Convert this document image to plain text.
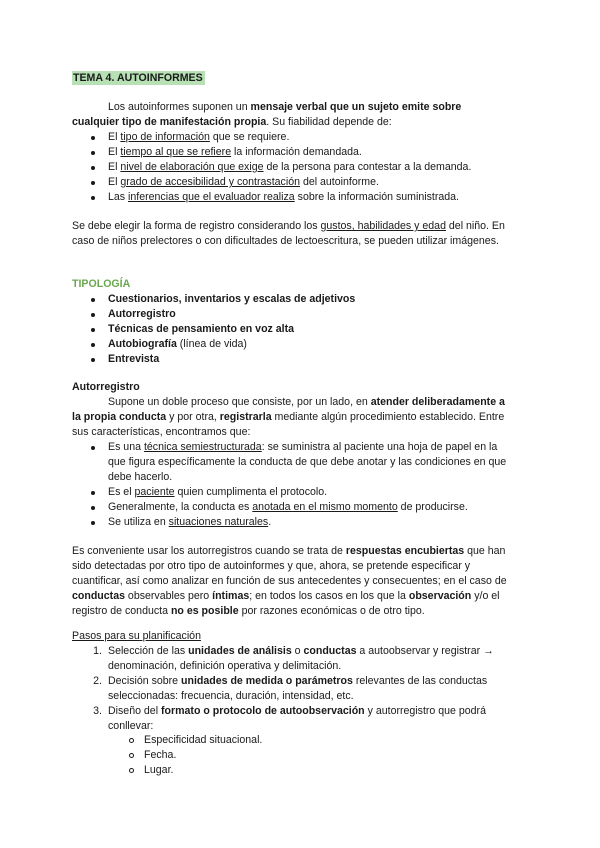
TEMA 4. AUTOINFORMES
Los autoinformes suponen un mensaje verbal que un sujeto emite sobre
cualquier tipo de manifestación propia. Su fiabilidad depende de:
El tipo de información que se requiere.
El tiempo al que se refiere la información demandada.
El nivel de elaboración que exige de la persona para contestar a la demanda.
El grado de accesibilidad y contrastación del autoinforme.
Las inferencias que el evaluador realiza sobre la información suministrada.
Se debe elegir la forma de registro considerando los gustos, habilidades y edad del niño. En
caso de niños prelectores o con dificultades de lectoescritura, se pueden utilizar imágenes.
TIPOLOGÍA
Cuestionarios, inventarios y escalas de adjetivos
Autorregistro
Técnicas de pensamiento en voz alta
Autobiografía (línea de vida)
Entrevista
Autorregistro
Supone un doble proceso que consiste, por un lado, en atender deliberadamente a
la propia conducta y por otra, registrarla mediante algún procedimiento establecido. Entre
sus características, encontramos que:
Es una técnica semiestructurada: se suministra al paciente una hoja de papel en la
que figura específicamente la conducta de que debe anotar y las condiciones en que
debe hacerlo.
Es el paciente quien cumplimenta el protocolo.
Generalmente, la conducta es anotada en el mismo momento de producirse.
Se utiliza en situaciones naturales.
Es conveniente usar los autorregistros cuando se trata de respuestas encubiertas que han
sido detectadas por otro tipo de autoinformes y que, ahora, se pretende especificar y
cuantificar, así como analizar en función de sus antecedentes y consecuentes; en el caso de
conductas observables pero íntimas; en todos los casos en los que la observación y/o el
registro de conducta no es posible por razones económicas o de otro tipo.
Pasos para su planificación
1. Selección de las unidades de análisis o conductas a autoobservar y registrar →
denominación, definición operativa y delimitación.
2. Decisión sobre unidades de medida o parámetros relevantes de las conductas
seleccionadas: frecuencia, duración, intensidad, etc.
3. Diseño del formato o protocolo de autoobservación y autorregistro que podrá
conllevar:
Especificidad situacional.
Fecha.
Lugar.
